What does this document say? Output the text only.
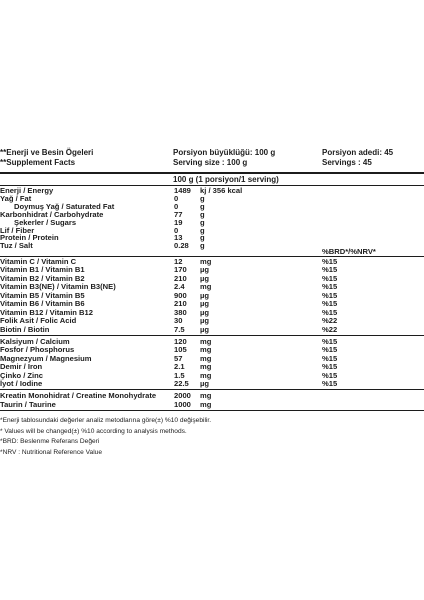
**Enerji ve Besin Ögeleri
**Supplement Facts
Porsiyon büyüklüğü: 100 g
Serving size : 100 g
Porsiyon adedi: 45
Servings : 45
100 g (1 porsiyon/1 serving)
Enerji / Energy	1489 kj / 356 kcal
Yağ / Fat	0	g
Doymuş Yağ / Saturated Fat	0	g
Karbonhidrat / Carbohydrate	77 g
Şekerler / Sugars	19 g
Lif / Fiber	0	g
Protein / Protein	13 g
Tuz / Salt	0.28 g
%BRD*/%NRV*
Vitamin C / Vitamin C	12 mg	%15
Vitamin B1 / Vitamin B1	170 µg	%15
Vitamin B2 / Vitamin B2	210 µg	%15
Vitamin B3(NE) / Vitamin B3(NE)	2.4 mg	%15
Vitamin B5 / Vitamin B5	900 µg	%15
Vitamin B6 / Vitamin B6	210 µg	%15
Vitamin B12 / Vitamin B12	380 µg	%15
Folik Asit / Folic Acid	30 µg	%22
Biotin / Biotin	7.5 µg	%22
Kalsiyum / Calcium	120 mg	%15
Fosfor / Phosphorus	105 mg	%15
Magnezyum / Magnesium	57 mg	%15
Demir / Iron	2.1 mg	%15
Çinko / Zinc	1.5 mg	%15
İyot / Iodine	22.5 µg	%15
Kreatin Monohidrat / Creatine Monohydrate 2000 mg
Taurin / Taurine	1000 mg
*Enerji tablosundaki değerler analiz metodlarına göre(±) %10 değişebilir.
* Values will be changed(±) %10 according to analysis methods.
*BRD: Beslenme Referans Değeri
*NRV : Nutritional Reference Value
